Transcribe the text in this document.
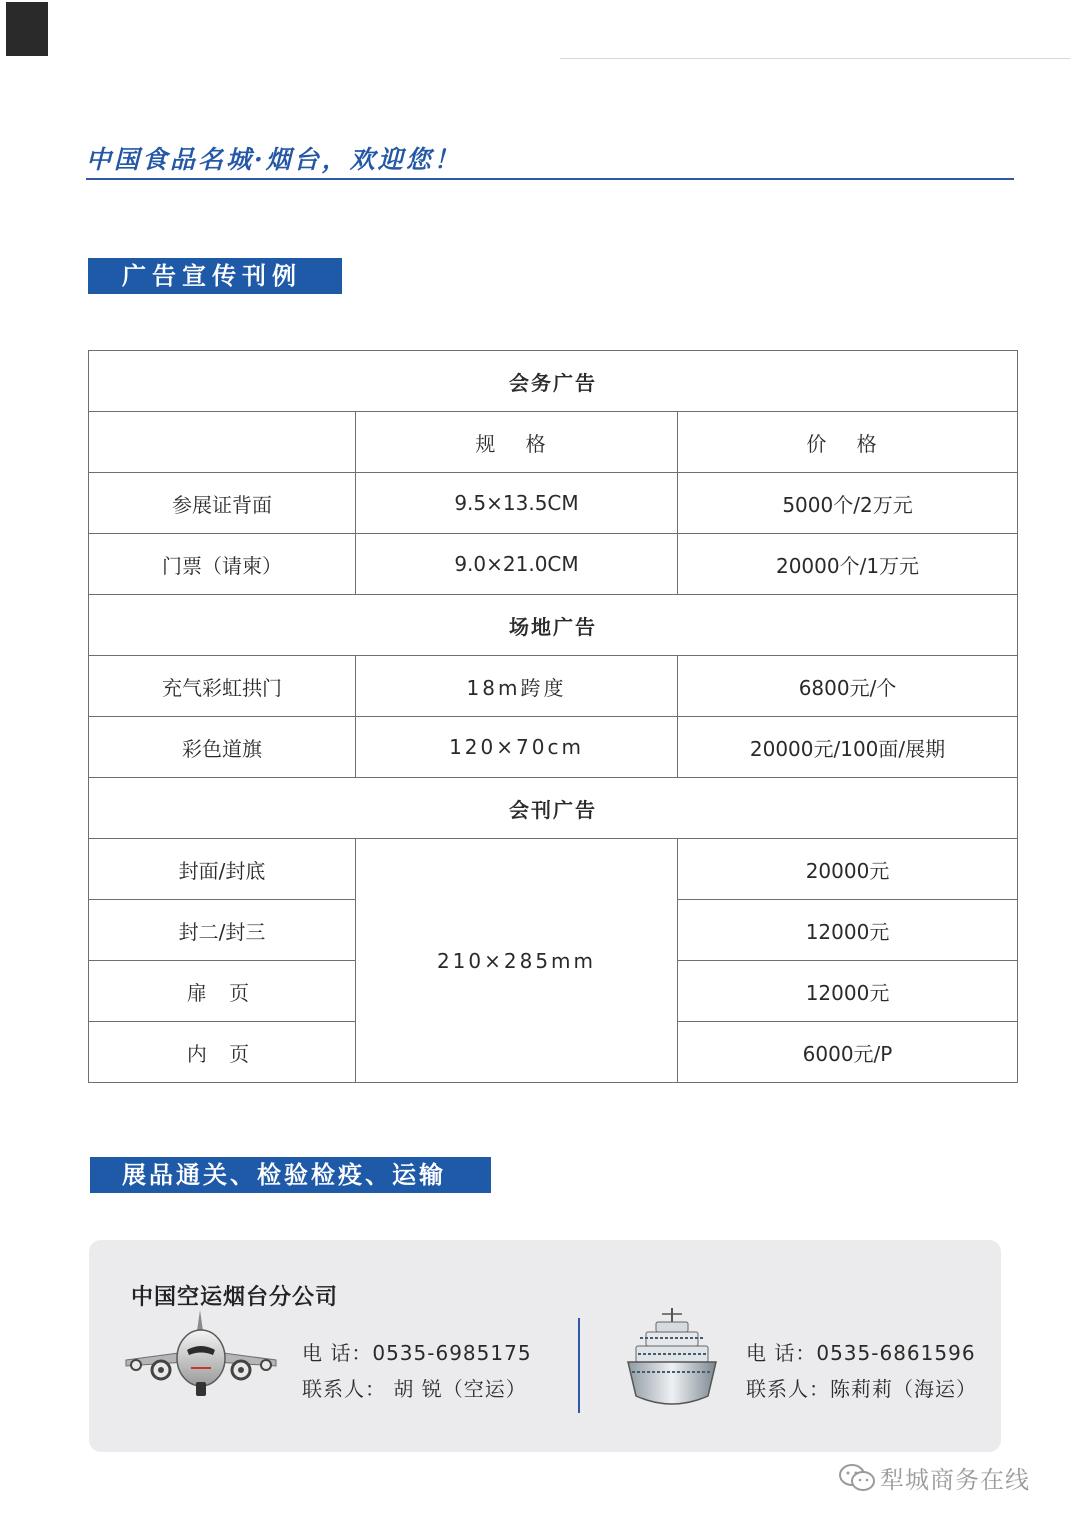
中国食品名城·烟台，欢迎您！
广告宣传刊例
会务广告		
	规 格	价 格
参展证背面	9.5×13.5CM	5000个/2万元
门票（请柬）	9.0×21.0CM	20000个/1万元
场地广告		
充气彩虹拱门	18m跨度	6800元/个
彩色道旗	120×70cm	20000元/100面/展期
会刊广告		
封面/封底	210×285mm	20000元
封二/封三		12000元
扉 页		12000元
内 页		6000元/P
展品通关、检验检疫、运输
中国空运烟台分公司
电 话：0535-6985175
联系人： 胡 锐（空运）
电 话：0535-6861596
联系人：陈莉莉（海运）
犁城商务在线
